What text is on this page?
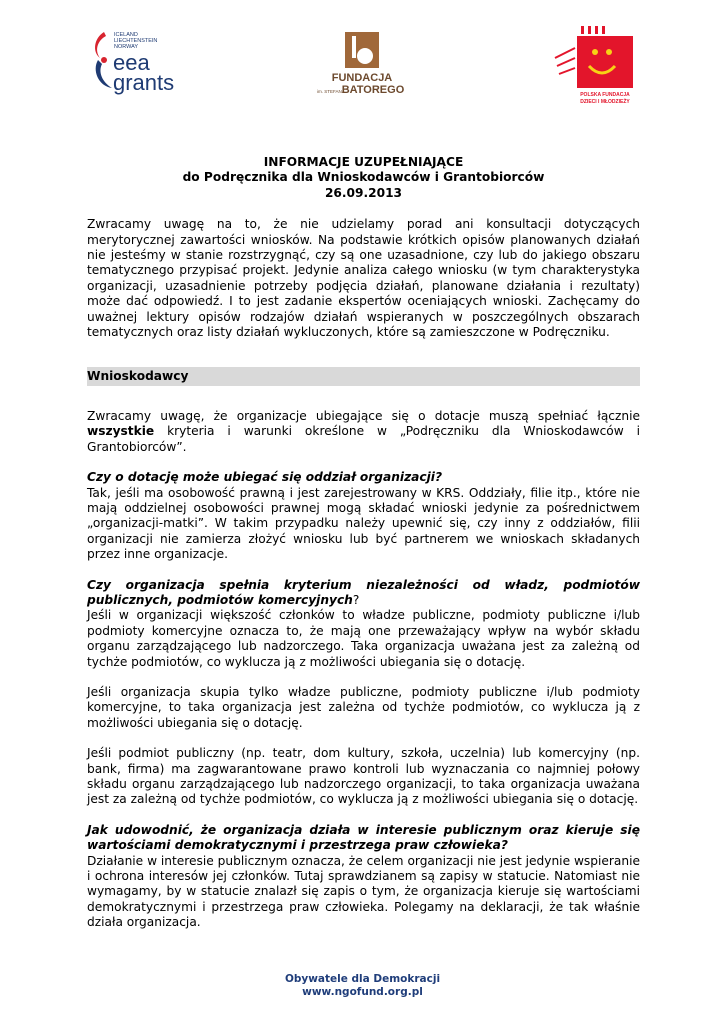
ICELAND
LIECHTENSTEIN
NORWAY
eea
grants	FUNDACJA
im. STEFANA
BATOREGO	POLSKA FUNDACJA
DZIECI I MŁODZIEŻY
INFORMACJE UZUPEŁNIAJĄCE
do Podręcznika dla Wnioskodawców i Grantobiorców
26.09.2013

Zwracamy uwagę na to, że nie udzielamy porad ani konsultacji dotyczących merytorycznej zawartości wniosków. Na podstawie krótkich opisów planowanych działań nie jesteśmy w stanie rozstrzygnąć, czy są one uzasadnione, czy lub do jakiego obszaru tematycznego przypisać projekt. Jedynie analiza całego wniosku (w tym charakterystyka organizacji, uzasadnienie potrzeby podjęcia działań, planowane działania i rezultaty) może dać odpowiedź. I to jest zadanie ekspertów oceniających wnioski. Zachęcamy do uważnej lektury opisów rodzajów działań wspieranych w poszczególnych obszarach tematycznych oraz listy działań wykluczonych, które są zamieszczone w Podręczniku.

Wnioskodawcy

Zwracamy uwagę, że organizacje ubiegające się o dotacje muszą spełniać łącznie wszystkie kryteria i warunki określone w „Podręczniku dla Wnioskodawców i Grantobiorców”.

Czy o dotację może ubiegać się oddział organizacji?

Tak, jeśli ma osobowość prawną i jest zarejestrowany w KRS. Oddziały, filie itp., które nie mają oddzielnej osobowości prawnej mogą składać wnioski jedynie za pośrednictwem „organizacji-matki”. W takim przypadku należy upewnić się, czy inny z oddziałów, filii organizacji nie zamierza złożyć wniosku lub być partnerem we wnioskach składanych przez inne organizacje.

Czy organizacja spełnia kryterium niezależności od władz, podmiotów publicznych, podmiotów komercyjnych?

Jeśli w organizacji większość członków to władze publiczne, podmioty publiczne i/lub podmioty komercyjne oznacza to, że mają one przeważający wpływ na wybór składu organu zarządzającego lub nadzorczego. Taka organizacja uważana jest za zależną od tychże podmiotów, co wyklucza ją z możliwości ubiegania się o dotację.

Jeśli organizacja skupia tylko władze publiczne, podmioty publiczne i/lub podmioty komercyjne, to taka organizacja jest zależna od tychże podmiotów, co wyklucza ją z możliwości ubiegania się o dotację.

Jeśli podmiot publiczny (np. teatr, dom kultury, szkoła, uczelnia) lub komercyjny (np. bank, firma) ma zagwarantowane prawo kontroli lub wyznaczania co najmniej połowy składu organu zarządzającego lub nadzorczego organizacji, to taka organizacja uważana jest za zależną od tychże podmiotów, co wyklucza ją z możliwości ubiegania się o dotację.

Jak udowodnić, że organizacja działa w interesie publicznym oraz kieruje się wartościami demokratycznymi i przestrzega praw człowieka?

Działanie w interesie publicznym oznacza, że celem organizacji nie jest jedynie wspieranie i ochrona interesów jej członków. Tutaj sprawdzianem są zapisy w statucie. Natomiast nie wymagamy, by w statucie znalazł się zapis o tym, że organizacja kieruje się wartościami demokratycznymi i przestrzega praw człowieka. Polegamy na deklaracji, że tak właśnie działa organizacja.

Obywatele dla Demokracji
www.ngofund.org.pl
